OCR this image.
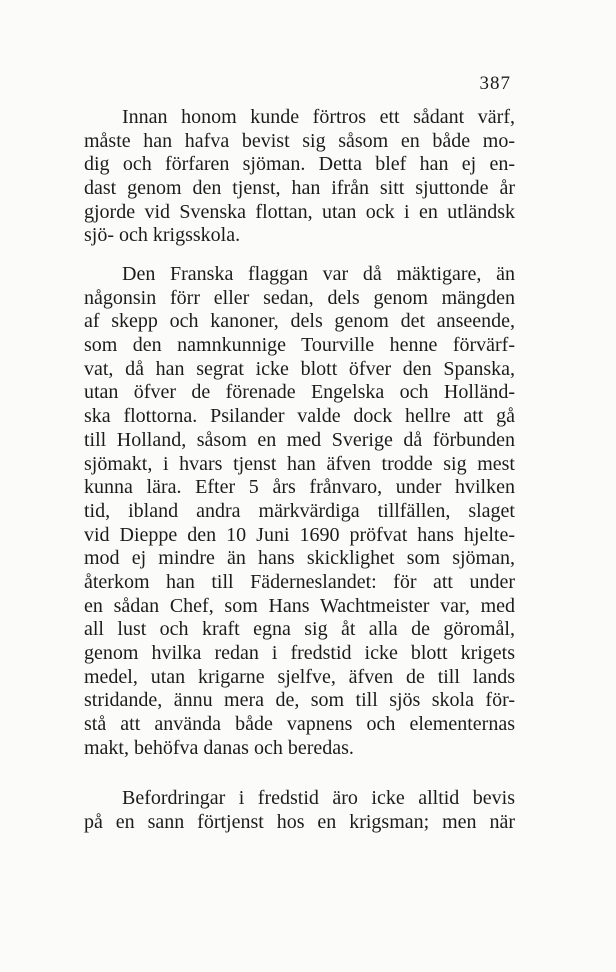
387
Innan honom kunde förtros ett sådant värf,
måste han hafva bevist sig såsom en både mo-
dig och förfaren sjöman. Detta blef han ej en-
dast genom den tjenst, han ifrån sitt sjuttonde år
gjorde vid Svenska flottan, utan ock i en utländsk
sjö- och krigsskola.
Den Franska flaggan var då mäktigare, än
någonsin förr eller sedan, dels genom mängden
af skepp och kanoner, dels genom det anseende,
som den namnkunnige Tourville henne förvärf-
vat, då han segrat icke blott öfver den Spanska,
utan öfver de förenade Engelska och Holländ-
ska flottorna. Psilander valde dock hellre att gå
till Holland, såsom en med Sverige då förbunden
sjömakt, i hvars tjenst han äfven trodde sig mest
kunna lära. Efter 5 års frånvaro, under hvilken
tid, ibland andra märkvärdiga tillfällen, slaget
vid Dieppe den 10 Juni 1690 pröfvat hans hjelte-
mod ej mindre än hans skicklighet som sjöman,
återkom han till Fäderneslandet: för att under
en sådan Chef, som Hans Wachtmeister var, med
all lust och kraft egna sig åt alla de göromål,
genom hvilka redan i fredstid icke blott krigets
medel, utan krigarne sjelfve, äfven de till lands
stridande, ännu mera de, som till sjös skola för-
stå att använda både vapnens och elementernas
makt, behöfva danas och beredas.
Befordringar i fredstid äro icke alltid bevis
på en sann förtjenst hos en krigsman; men när
